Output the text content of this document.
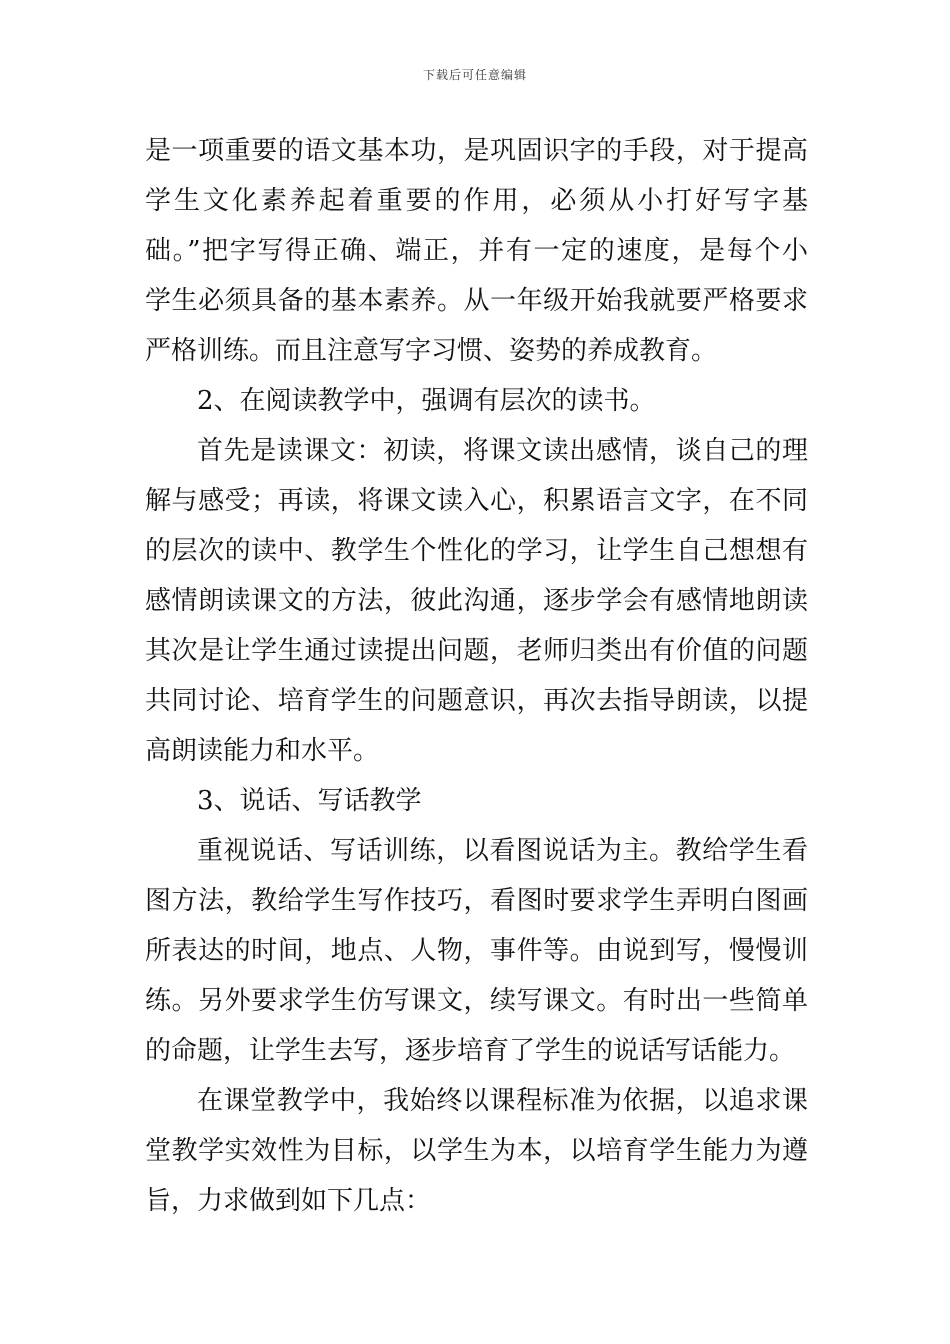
下载后可任意编辑
是一项重要的语文基本功，是巩固识字的手段，对于提高
学生文化素养起着重要的作用，必须从小打好写字基
础。”把字写得正确、端正，并有一定的速度，是每个小
学生必须具备的基本素养。从一年级开始我就要严格要求
严格训练。而且注意写字习惯、姿势的养成教育。
2、在阅读教学中，强调有层次的读书。
首先是读课文：初读，将课文读出感情，谈自己的理
解与感受；再读，将课文读入心，积累语言文字，在不同
的层次的读中、教学生个性化的学习，让学生自己想想有
感情朗读课文的方法，彼此沟通，逐步学会有感情地朗读
其次是让学生通过读提出问题，老师归类出有价值的问题
共同讨论、培育学生的问题意识，再次去指导朗读，以提
高朗读能力和水平。
3、说话、写话教学
重视说话、写话训练，以看图说话为主。教给学生看
图方法，教给学生写作技巧，看图时要求学生弄明白图画
所表达的时间，地点、人物，事件等。由说到写，慢慢训
练。另外要求学生仿写课文，续写课文。有时出一些简单
的命题，让学生去写，逐步培育了学生的说话写话能力。
在课堂教学中，我始终以课程标准为依据，以追求课
堂教学实效性为目标，以学生为本，以培育学生能力为遵
旨，力求做到如下几点：
